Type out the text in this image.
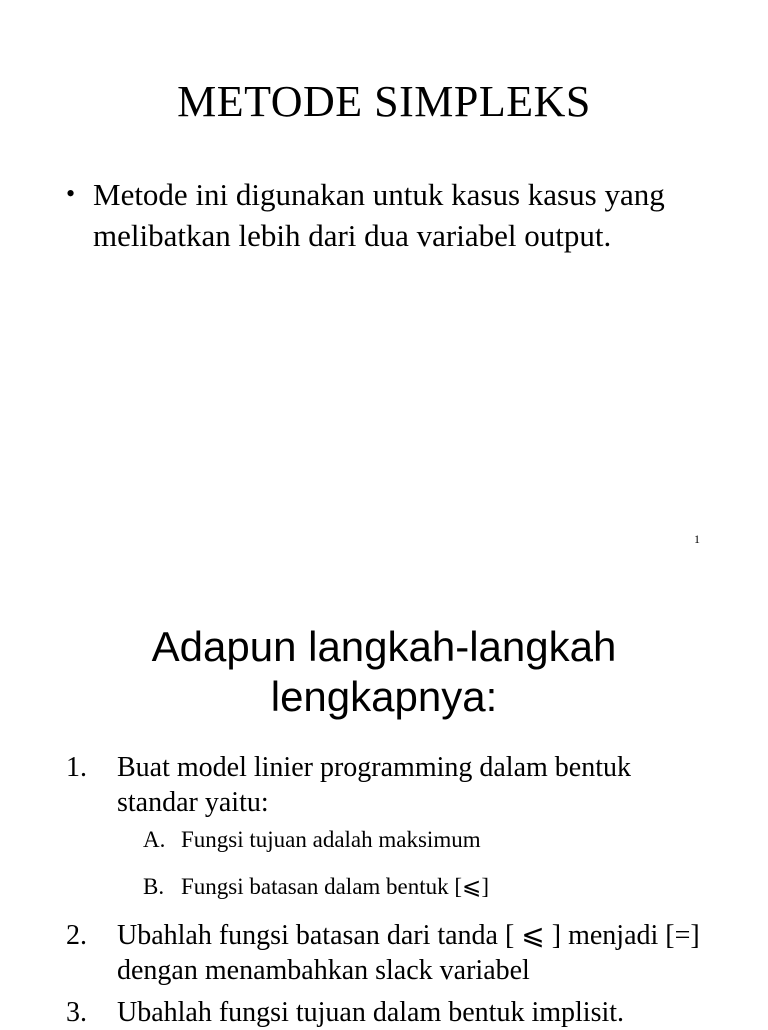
METODE SIMPLEKS
• Metode ini digunakan untuk kasus kasus yang melibatkan lebih dari dua variabel output.
1
Adapun langkah-langkah
lengkapnya:
1. Buat model linier programming dalam bentuk standar yaitu:
A. Fungsi tujuan adalah maksimum
B. Fungsi batasan dalam bentuk [⩽]
2. Ubahlah fungsi batasan dari tanda [ ⩽ ] menjadi [=] dengan menambahkan slack variabel
3. Ubahlah fungsi tujuan dalam bentuk implisit.
